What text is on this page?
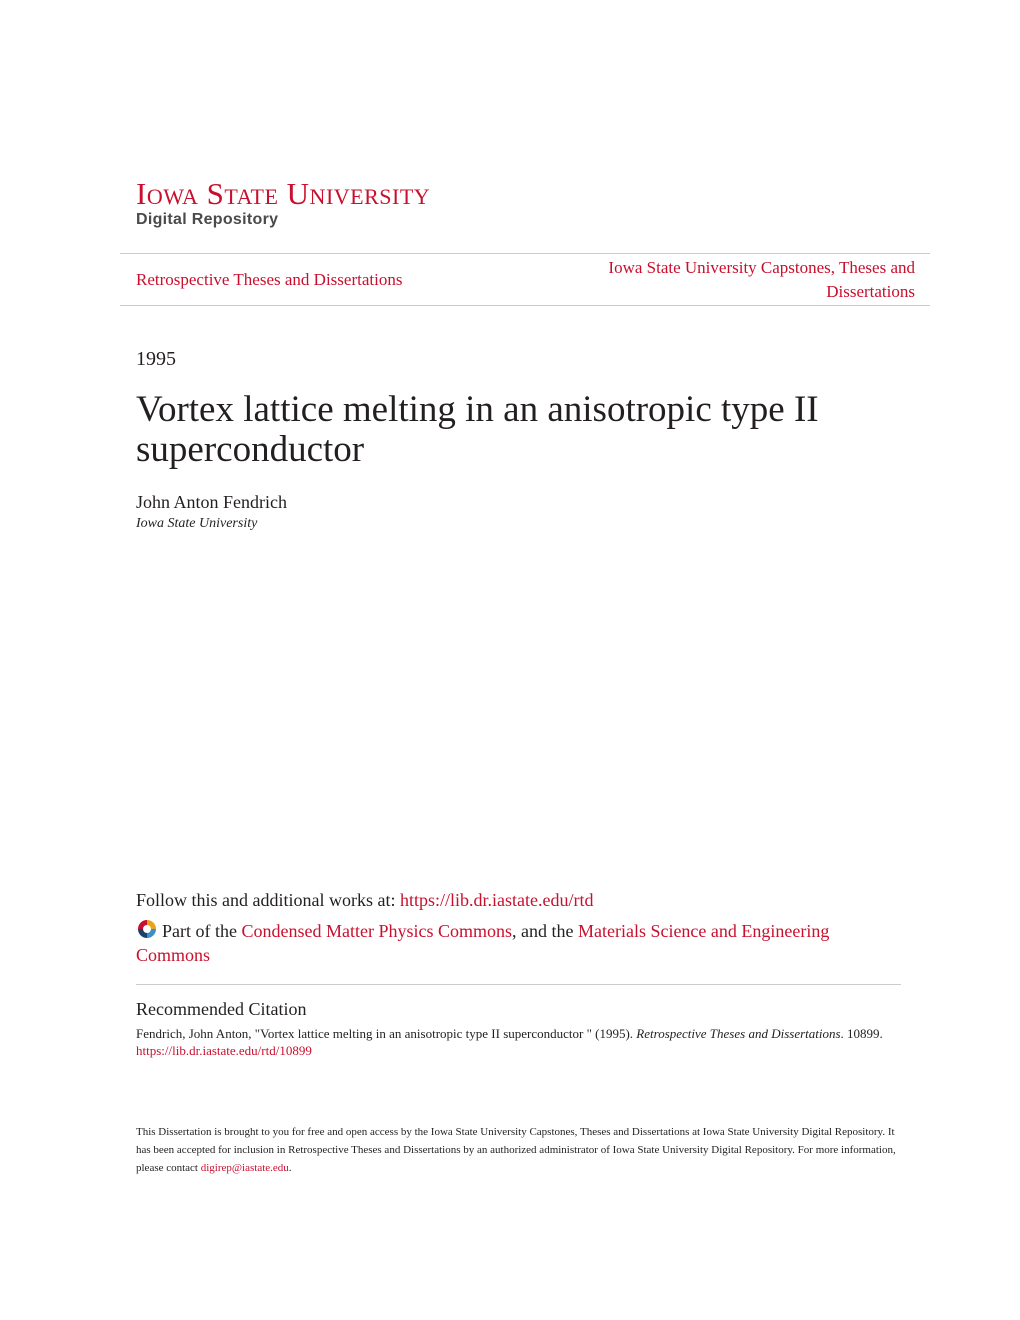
Iowa State University
Digital Repository
Retrospective Theses and Dissertations
Iowa State University Capstones, Theses and Dissertations
1995
Vortex lattice melting in an anisotropic type II superconductor
John Anton Fendrich
Iowa State University
Follow this and additional works at: https://lib.dr.iastate.edu/rtd
Part of the Condensed Matter Physics Commons, and the Materials Science and Engineering Commons
Recommended Citation
Fendrich, John Anton, "Vortex lattice melting in an anisotropic type II superconductor " (1995). Retrospective Theses and Dissertations. 10899.
https://lib.dr.iastate.edu/rtd/10899
This Dissertation is brought to you for free and open access by the Iowa State University Capstones, Theses and Dissertations at Iowa State University Digital Repository. It has been accepted for inclusion in Retrospective Theses and Dissertations by an authorized administrator of Iowa State University Digital Repository. For more information, please contact digirep@iastate.edu.
